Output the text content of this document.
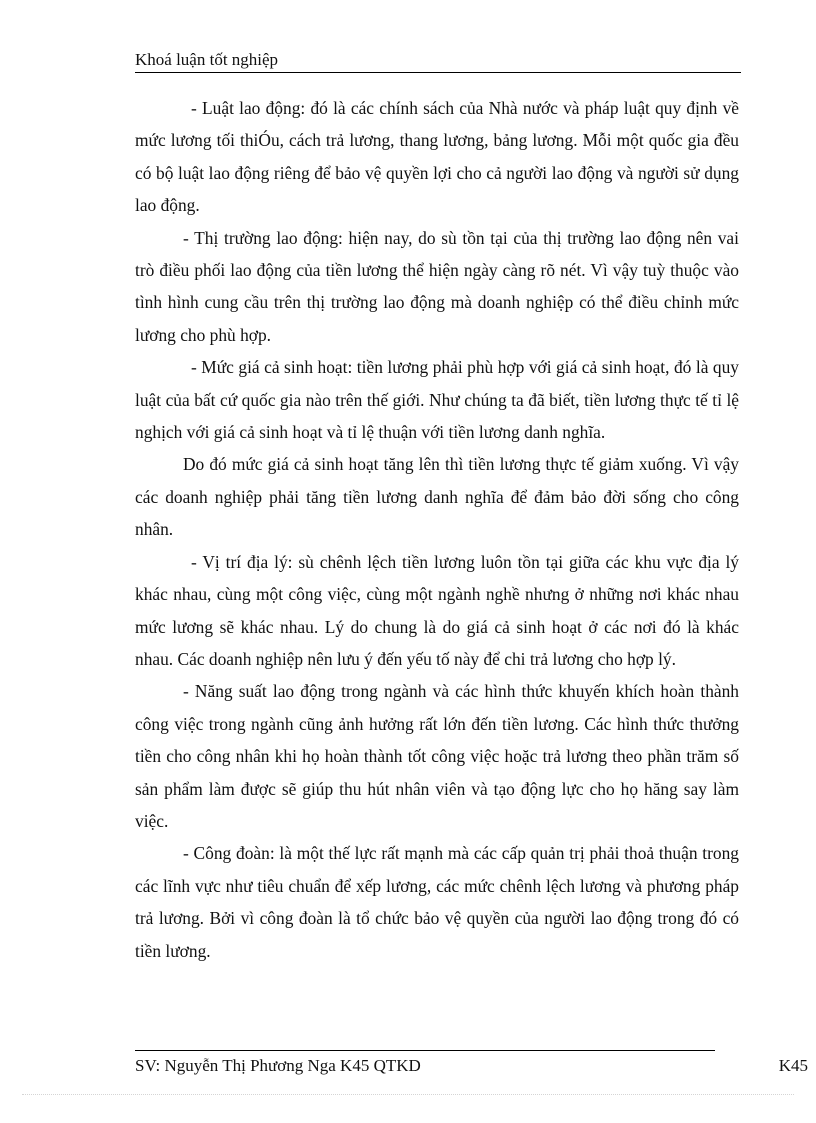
Khoá luận tốt nghiệp

- Luật lao động: đó là các chính sách của Nhà nước và pháp luật quy định về mức lương tối thiÓu, cách trả lương, thang lương, bảng lương. Mỗi một quốc gia đều có bộ luật lao động riêng để bảo vệ quyền lợi cho cả người lao động và người sử dụng lao động.

- Thị trường lao động: hiện nay, do sù tồn tại của thị trường lao động nên vai trò điều phối lao động của tiền lương thể hiện ngày càng rõ nét. Vì vậy tuỳ thuộc vào tình hình cung cầu trên thị trường lao động mà doanh nghiệp có thể điều chỉnh mức lương cho phù hợp.

- Mức giá cả sinh hoạt: tiền lương phải phù hợp với giá cả sinh hoạt, đó là quy luật của bất cứ quốc gia nào trên thế giới. Như chúng ta đã biết, tiền lương thực tế tỉ lệ nghịch với giá cả sinh hoạt và tỉ lệ thuận với tiền lương danh nghĩa.

Do đó mức giá cả sinh hoạt tăng lên thì tiền lương thực tế giảm xuống. Vì vậy các doanh nghiệp phải tăng tiền lương danh nghĩa để đảm bảo đời sống cho công nhân.

- Vị trí địa lý: sù chênh lệch tiền lương luôn tồn tại giữa các khu vực địa lý khác nhau, cùng một công việc, cùng một ngành nghề nhưng ở những nơi khác nhau mức lương sẽ khác nhau. Lý do chung là do giá cả sinh hoạt ở các nơi đó là khác nhau. Các doanh nghiệp nên lưu ý đến yếu tố này để chi trả lương cho hợp lý.

- Năng suất lao động trong ngành và các hình thức khuyến khích hoàn thành công việc trong ngành cũng ảnh hưởng rất lớn đến tiền lương. Các hình thức thưởng tiền cho công nhân khi họ hoàn thành tốt công việc hoặc trả lương theo phần trăm số sản phẩm làm được sẽ giúp thu hút nhân viên và tạo động lực cho họ hăng say làm việc.

- Công đoàn: là một thế lực rất mạnh mà các cấp quản trị phải thoả thuận trong các lĩnh vực như tiêu chuẩn để xếp lương, các mức chênh lệch lương và phương pháp trả lương. Bởi vì công đoàn là tổ chức bảo vệ quyền của người lao động trong đó có tiền lương.

SV: Nguyễn Thị Phương Nga K45 QTKD	K45
